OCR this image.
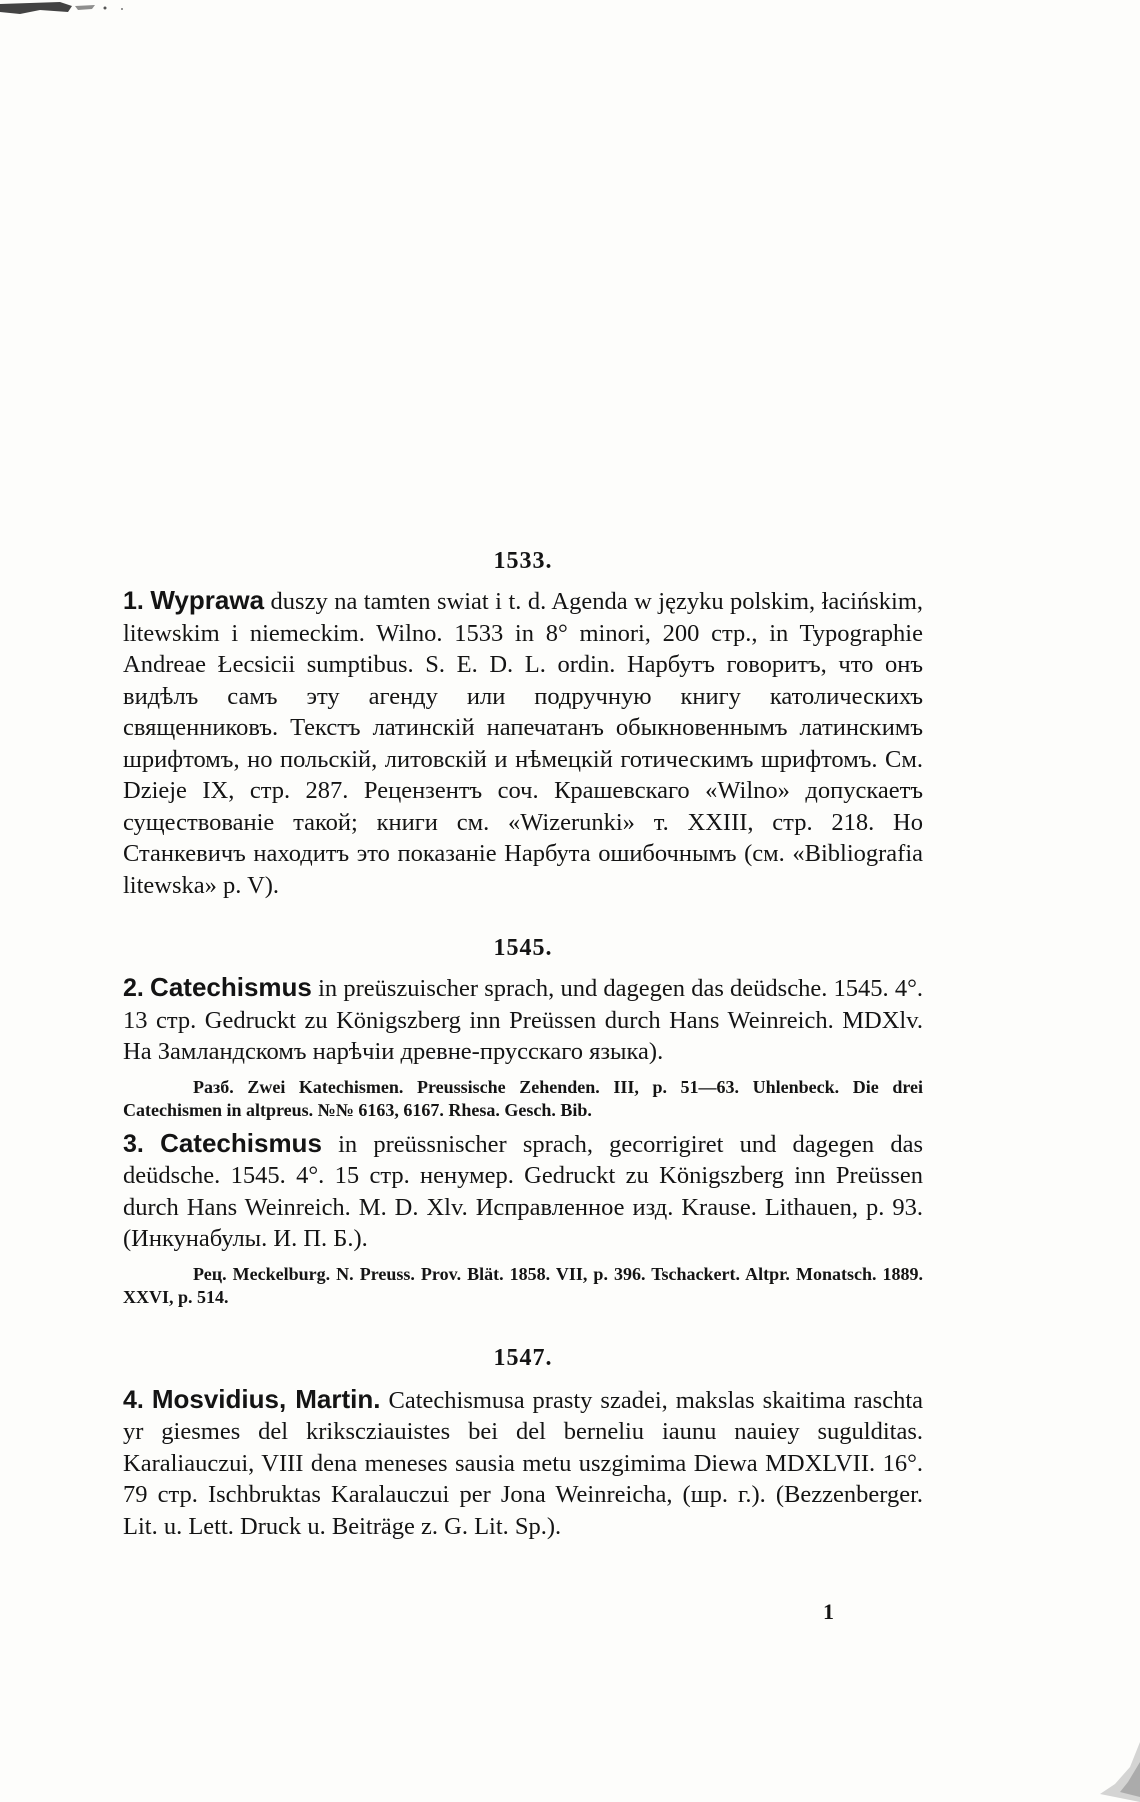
1533.

1. Wyprawa duszy na tamten swiat i t. d. Agenda w języku polskim, łacińskim, litewskim i niemeckim. Wilno. 1533 in 8° minori, 200 стр., in Typographie Andreae Łecsicii sumptibus. S. E. D. L. ordin. Нарбутъ говоритъ, что онъ видѣлъ самъ эту агенду или подручную книгу католическихъ священниковъ. Текстъ латинскій напечатанъ обыкновеннымъ латинскимъ шрифтомъ, но польскій, литовскій и нѣмецкій готическимъ шрифтомъ. См. Dzieje IX, стр. 287. Рецензентъ соч. Крашевскаго «Wilno» допускаетъ существованіе такой; книги см. «Wizerunki» т. XXIII, стр. 218. Но Станкевичъ находитъ это показаніе Нарбута ошибочнымъ (см. «Bibliografia litewska» p. V).

1545.

2. Catechismus in preüszuischer sprach, und dagegen das deüdsche. 1545. 4°. 13 стр. Gedruckt zu Königszberg inn Preüssen durch Hans Weinreich. MDXlv. На Замландскомъ нарѣчіи древне-прусскаго языка).

Разб. Zwei Katechismen. Preussische Zehenden. III, p. 51—63. Uhlenbeck. Die drei Catechismen in altpreus. №№ 6163, 6167. Rhesa. Gesch. Bib.

3. Catechismus in preüssnischer sprach, gecorrigiret und dagegen das deüdsche. 1545. 4°. 15 стр. ненумер. Gedruckt zu Königszberg inn Preüssen durch Hans Weinreich. M. D. Xlv. Исправленное изд. Krause. Lithauen, p. 93. (Инкунабулы. И. П. Б.).

Рец. Meckelburg. N. Preuss. Prov. Blät. 1858. VII, p. 396. Tschackert. Altpr. Monatsch. 1889. XXVI, p. 514.

1547.

4. Mosvidius, Martin. Catechismusa prasty szadei, makslas skaitima raschta yr giesmes del krikscziauistes bei del berneliu iaunu nauiey sugulditas. Karaliauczui, VIII dena meneses sausia metu uszgimima Diewa MDXLVII. 16°. 79 стр. Ischbruktas Karalauczui per Jona Weinreicha, (шр. г.). (Bezzenberger. Lit. u. Lett. Druck u. Beiträge z. G. Lit. Sp.).

1
